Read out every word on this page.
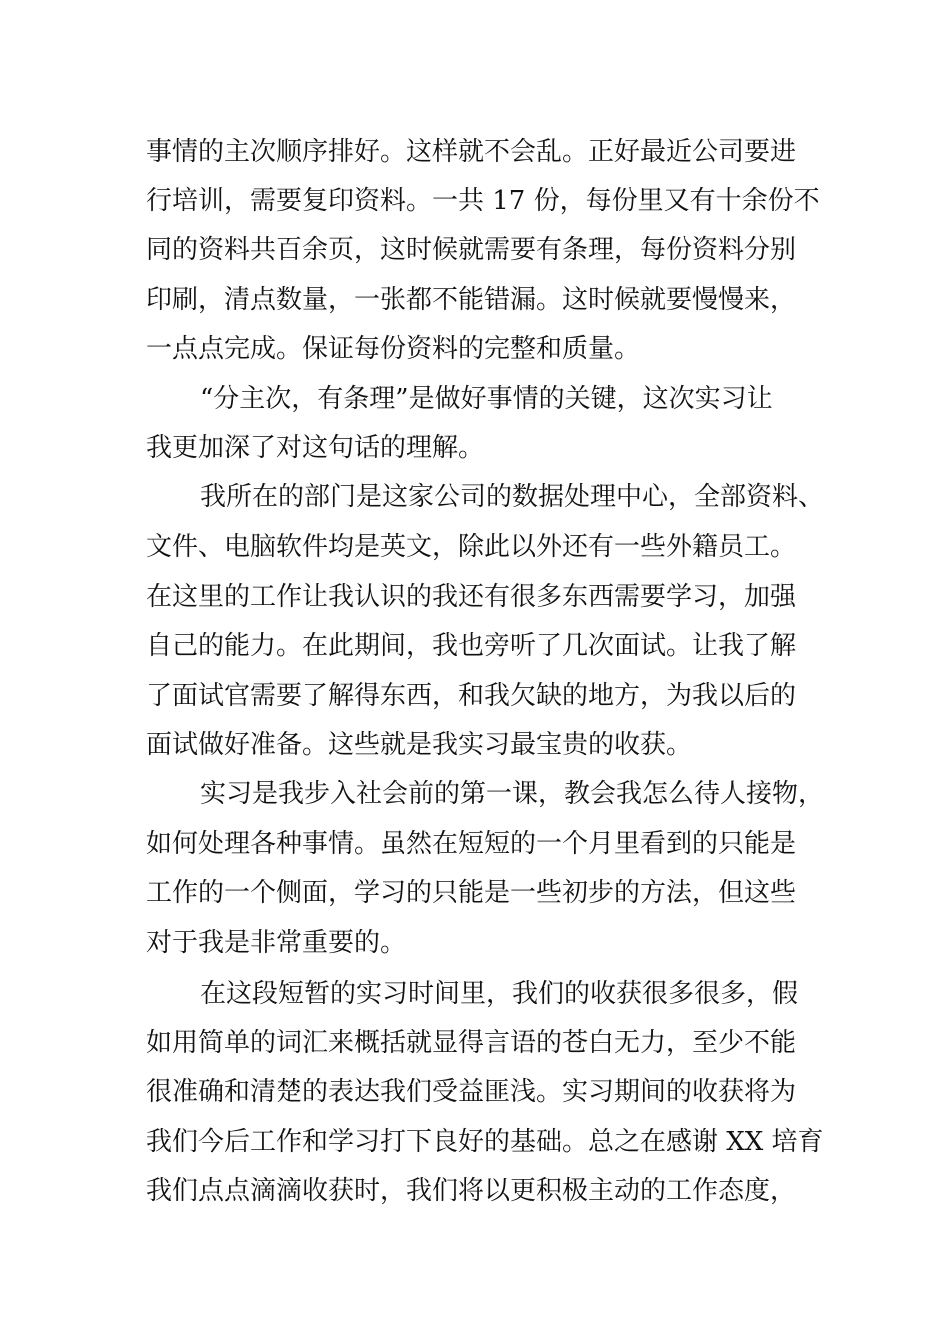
事情的主次顺序排好。这样就不会乱。正好最近公司要进
行培训，需要复印资料。一共 17 份，每份里又有十余份不
同的资料共百余页，这时候就需要有条理，每份资料分别
印刷，清点数量，一张都不能错漏。这时候就要慢慢来，
一点点完成。保证每份资料的完整和质量。
“分主次，有条理”是做好事情的关键，这次实习让
我更加深了对这句话的理解。
我所在的部门是这家公司的数据处理中心，全部资料、
文件、电脑软件均是英文，除此以外还有一些外籍员工。
在这里的工作让我认识的我还有很多东西需要学习，加强
自己的能力。在此期间，我也旁听了几次面试。让我了解
了面试官需要了解得东西，和我欠缺的地方，为我以后的
面试做好准备。这些就是我实习最宝贵的收获。
实习是我步入社会前的第一课，教会我怎么待人接物，
如何处理各种事情。虽然在短短的一个月里看到的只能是
工作的一个侧面，学习的只能是一些初步的方法，但这些
对于我是非常重要的。
在这段短暂的实习时间里，我们的收获很多很多，假
如用简单的词汇来概括就显得言语的苍白无力，至少不能
很准确和清楚的表达我们受益匪浅。实习期间的收获将为
我们今后工作和学习打下良好的基础。总之在感谢 XX 培育
我们点点滴滴收获时，我们将以更积极主动的工作态度，
